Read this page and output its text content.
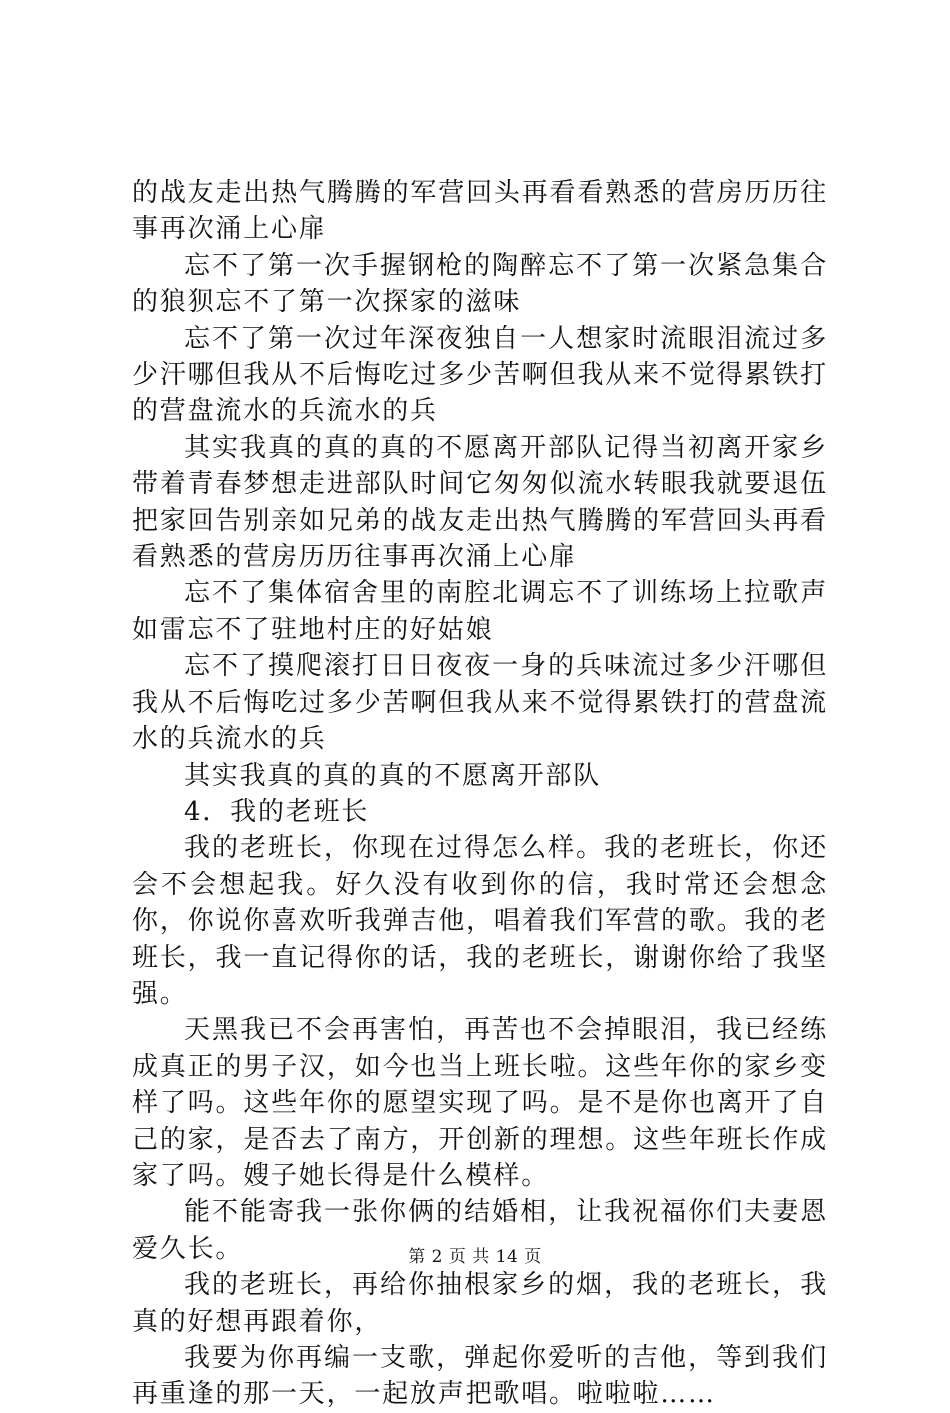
的战友走出热气腾腾的军营回头再看看熟悉的营房历历往事再次涌上心扉

忘不了第一次手握钢枪的陶醉忘不了第一次紧急集合的狼狈忘不了第一次探家的滋味

忘不了第一次过年深夜独自一人想家时流眼泪流过多少汗哪但我从不后悔吃过多少苦啊但我从来不觉得累铁打的营盘流水的兵流水的兵

其实我真的真的真的不愿离开部队记得当初离开家乡带着青春梦想走进部队时间它匆匆似流水转眼我就要退伍把家回告别亲如兄弟的战友走出热气腾腾的军营回头再看看熟悉的营房历历往事再次涌上心扉

忘不了集体宿舍里的南腔北调忘不了训练场上拉歌声如雷忘不了驻地村庄的好姑娘

忘不了摸爬滚打日日夜夜一身的兵味流过多少汗哪但我从不后悔吃过多少苦啊但我从来不觉得累铁打的营盘流水的兵流水的兵

其实我真的真的真的不愿离开部队

4．我的老班长

我的老班长，你现在过得怎么样。我的老班长，你还会不会想起我。好久没有收到你的信，我时常还会想念你，你说你喜欢听我弹吉他，唱着我们军营的歌。我的老班长，我一直记得你的话，我的老班长，谢谢你给了我坚强。

天黑我已不会再害怕，再苦也不会掉眼泪，我已经练成真正的男子汉，如今也当上班长啦。这些年你的家乡变样了吗。这些年你的愿望实现了吗。是不是你也离开了自己的家，是否去了南方，开创新的理想。这些年班长作成家了吗。嫂子她长得是什么模样。

能不能寄我一张你俩的结婚相，让我祝福你们夫妻恩爱久长。

我的老班长，再给你抽根家乡的烟，我的老班长，我真的好想再跟着你，

我要为你再编一支歌，弹起你爱听的吉他，等到我们再重逢的那一天，一起放声把歌唱。啦啦啦……

第 2 页 共 14 页
